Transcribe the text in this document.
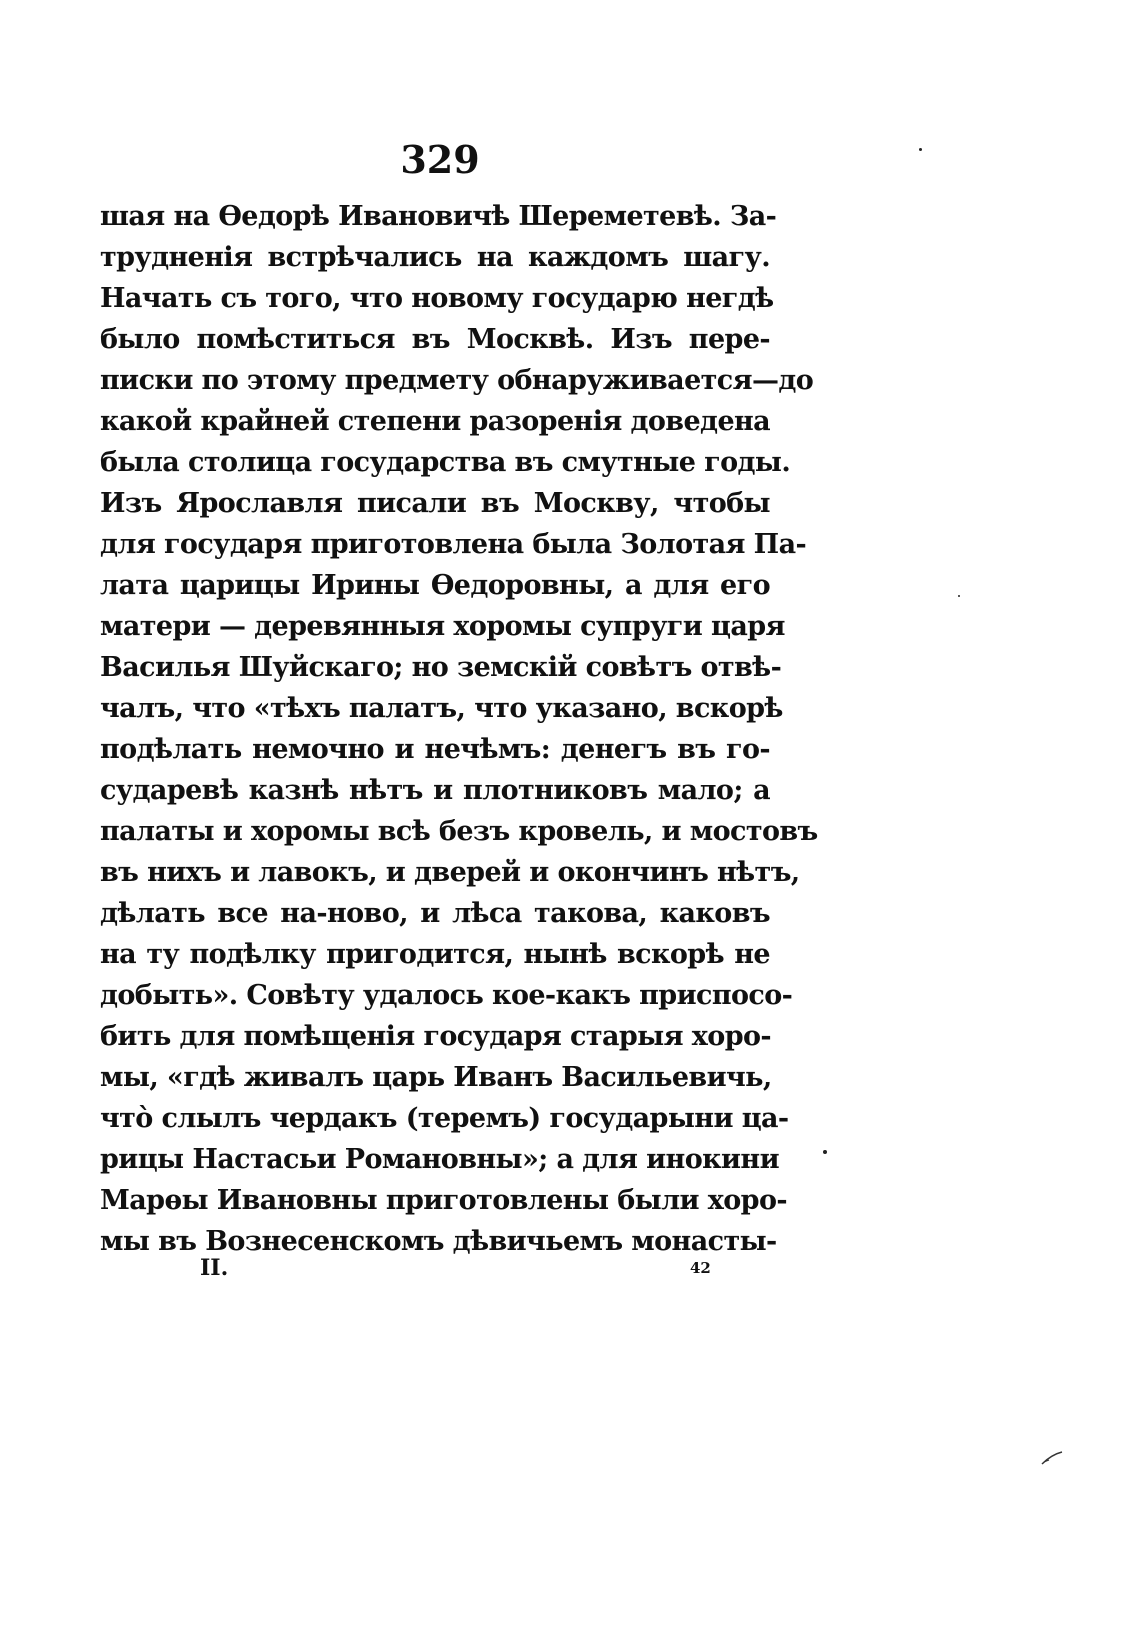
329
шая на Ѳедорѣ Ивановичѣ Шереметевѣ. За-
трудненія встрѣчались на каждомъ шагу.
Начать съ того, что новому государю негдѣ
было помѣститься въ Москвѣ. Изъ пере-
писки по этому предмету обнаруживается—до
какой крайней степени разоренія доведена
была столица государства въ смутные годы.
Изъ Ярославля писали въ Москву, чтобы
для государя приготовлена была Золотая Па-
лата царицы Ирины Ѳедоровны, а для его
матери — деревянныя хоромы супруги царя
Василья Шуйскаго; но земскій совѣтъ отвѣ-
чалъ, что «тѣхъ палатъ, что указано, вскорѣ
подѣлать немочно и нечѣмъ: денегъ въ го-
сударевѣ казнѣ нѣтъ и плотниковъ мало; а
палаты и хоромы всѣ безъ кровель, и мостовъ
въ нихъ и лавокъ, и дверей и окончинъ нѣтъ,
дѣлать все на-ново, и лѣса такова, каковъ
на ту подѣлку пригодится, нынѣ вскорѣ не
добыть». Совѣту удалось кое-какъ приспосо-
бить для помѣщенія государя старыя хоро-
мы, «гдѣ живалъ царь Иванъ Васильевичь,
что̀ слылъ чердакъ (теремъ) государыни ца-
рицы Настасьи Романовны»; а для инокини
Марѳы Ивановны приготовлены были хоро-
мы въ Вознесенскомъ дѣвичьемъ монасты-
II.	42
